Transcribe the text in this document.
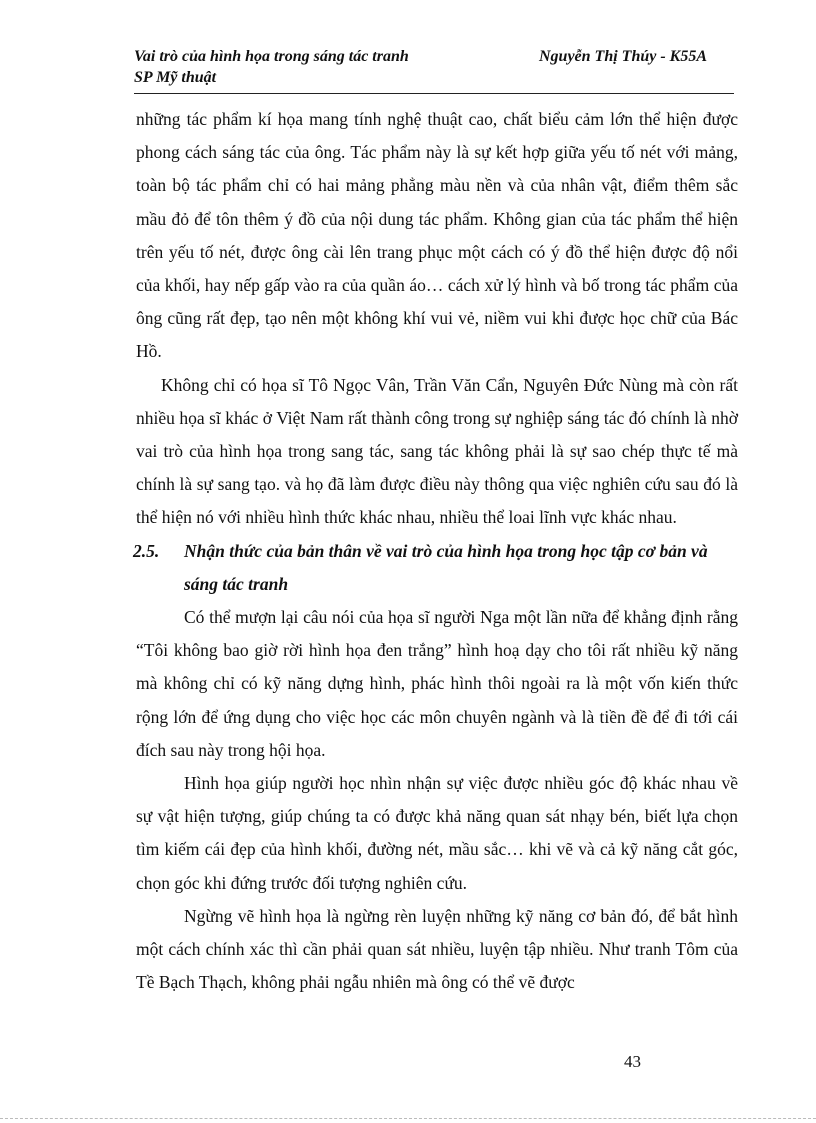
Vai trò của hình họa trong sáng tác tranh
SP Mỹ thuật
Nguyễn Thị Thúy - K55A

những tác phẩm kí họa mang tính nghệ thuật cao, chất biểu cảm lớn thể hiện được phong cách sáng tác của ông. Tác phẩm này là sự kết hợp giữa yếu tố nét với mảng, toàn bộ tác phẩm chỉ có hai mảng phẳng màu nền và của nhân vật, điểm thêm sắc mầu đỏ để tôn thêm ý đồ của nội dung tác phẩm. Không gian của tác phẩm thể hiện trên yếu tố nét, được ông cài lên trang phục một cách có ý đồ thể hiện được độ nổi của khối, hay nếp gấp vào ra của quần áo… cách xử lý hình và bố trong tác phẩm của ông cũng rất đẹp, tạo nên một không khí vui vẻ, niềm vui khi được học chữ của Bác Hồ.

Không chỉ có họa sĩ Tô Ngọc Vân, Trần Văn Cẩn, Nguyên Đức Nùng mà còn rất nhiều họa sĩ khác ở Việt Nam rất thành công trong sự nghiệp sáng tác đó chính là nhờ vai trò của hình họa trong sang tác, sang tác không phải là sự sao chép thực tế mà chính là sự sang tạo. và họ đã làm được điều này thông qua việc nghiên cứu sau đó là thể hiện nó với nhiều hình thức khác nhau, nhiều thể loai lĩnh vực khác nhau.

2.5.	Nhận thức của bản thân về vai trò của hình họa trong học tập cơ bản và sáng tác tranh

Có thể mượn lại câu nói của họa sĩ người Nga một lần nữa để khẳng định rằng “Tôi không bao giờ rời hình họa đen trắng” hình hoạ dạy cho tôi rất nhiều kỹ năng mà không chỉ có kỹ năng dựng hình, phác hình thôi ngoài ra là một vốn kiến thức rộng lớn để ứng dụng cho việc học các môn chuyên ngành và là tiền đề để đi tới cái đích sau này trong hội họa.

Hình họa giúp người học nhìn nhận sự việc được nhiều góc độ khác nhau về sự vật hiện tượng, giúp chúng ta có được khả năng quan sát nhạy bén, biết lựa chọn tìm kiếm cái đẹp của hình khối, đường nét, mầu sắc… khi vẽ và cả kỹ năng cắt góc, chọn góc khi đứng trước đối tượng nghiên cứu.

Ngừng vẽ hình họa là ngừng rèn luyện những kỹ năng cơ bản đó, để bắt hình một cách chính xác thì cần phải quan sát nhiều, luyện tập nhiều. Như tranh Tôm của Tề Bạch Thạch, không phải ngẫu nhiên mà ông có thể vẽ được

43
